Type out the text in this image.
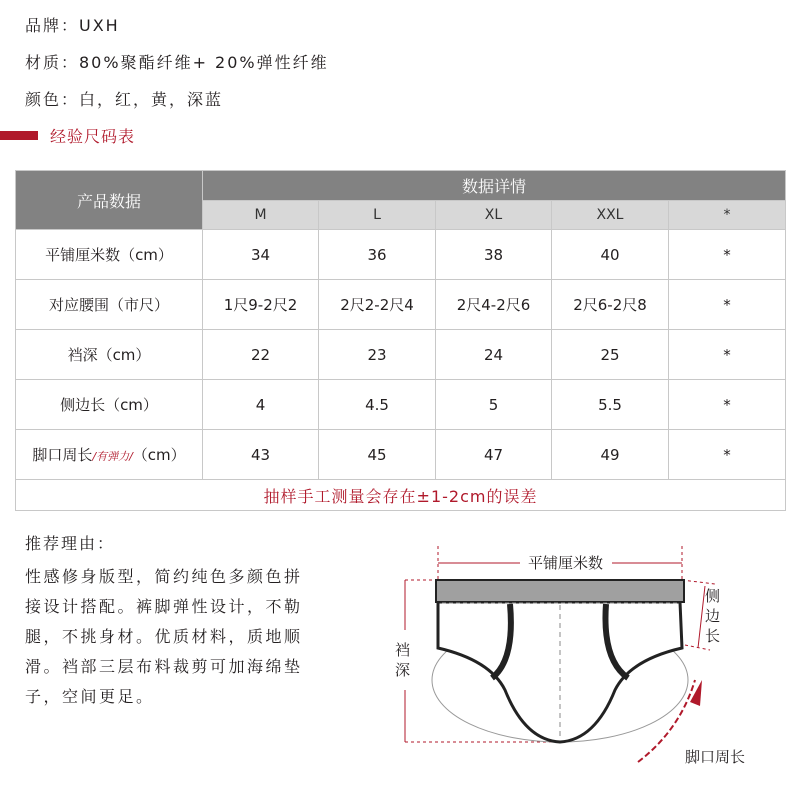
品牌：UXH
材质：80%聚酯纤维+ 20%弹性纤维
颜色：白，红，黄，深蓝
经验尺码表
产品数据	数据详情				
	M	L	XL	XXL	*
平铺厘米数（cm）	34	36	38	40	*
对应腰围（市尺）	1尺9-2尺2	2尺2-2尺4	2尺4-2尺6	2尺6-2尺8	*
裆深（cm）	22	23	24	25	*
侧边长（cm）	4	4.5	5	5.5	*
脚口周长/有弹力/（cm）	43	45	47	49	*
抽样手工测量会存在±1-2cm的误差					
推荐理由：
性感修身版型，简约纯色多颜色拼接设计搭配。裤脚弹性设计，不勒腿，不挑身材。优质材料，质地顺滑。裆部三层布料裁剪可加海绵垫子，空间更足。
平铺厘米数
裆深
侧边长
脚口周长
